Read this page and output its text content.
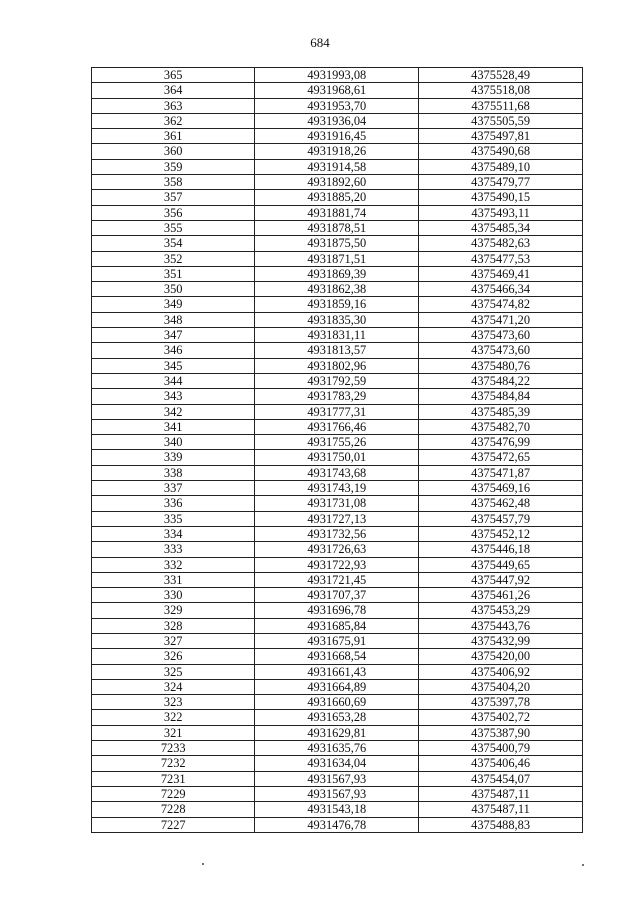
684
365	4931993,08	4375528,49
364	4931968,61	4375518,08
363	4931953,70	4375511,68
362	4931936,04	4375505,59
361	4931916,45	4375497,81
360	4931918,26	4375490,68
359	4931914,58	4375489,10
358	4931892,60	4375479,77
357	4931885,20	4375490,15
356	4931881,74	4375493,11
355	4931878,51	4375485,34
354	4931875,50	4375482,63
352	4931871,51	4375477,53
351	4931869,39	4375469,41
350	4931862,38	4375466,34
349	4931859,16	4375474,82
348	4931835,30	4375471,20
347	4931831,11	4375473,60
346	4931813,57	4375473,60
345	4931802,96	4375480,76
344	4931792,59	4375484,22
343	4931783,29	4375484,84
342	4931777,31	4375485,39
341	4931766,46	4375482,70
340	4931755,26	4375476,99
339	4931750,01	4375472,65
338	4931743,68	4375471,87
337	4931743,19	4375469,16
336	4931731,08	4375462,48
335	4931727,13	4375457,79
334	4931732,56	4375452,12
333	4931726,63	4375446,18
332	4931722,93	4375449,65
331	4931721,45	4375447,92
330	4931707,37	4375461,26
329	4931696,78	4375453,29
328	4931685,84	4375443,76
327	4931675,91	4375432,99
326	4931668,54	4375420,00
325	4931661,43	4375406,92
324	4931664,89	4375404,20
323	4931660,69	4375397,78
322	4931653,28	4375402,72
321	4931629,81	4375387,90
7233	4931635,76	4375400,79
7232	4931634,04	4375406,46
7231	4931567,93	4375454,07
7229	4931567,93	4375487,11
7228	4931543,18	4375487,11
7227	4931476,78	4375488,83
